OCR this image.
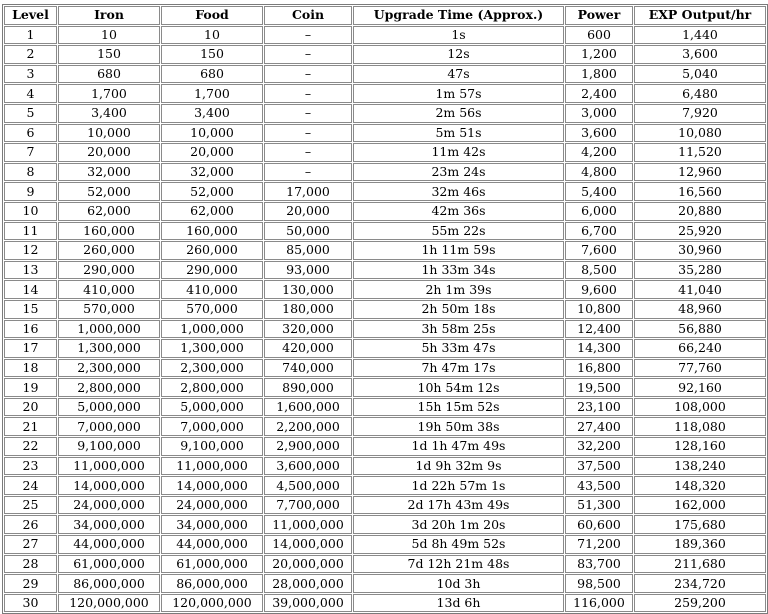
Level	Iron	Food	Coin	Upgrade Time (Approx.)	Power	EXP Output/hr
1	10	10	–	1s	600	1,440
2	150	150	–	12s	1,200	3,600
3	680	680	–	47s	1,800	5,040
4	1,700	1,700	–	1m 57s	2,400	6,480
5	3,400	3,400	–	2m 56s	3,000	7,920
6	10,000	10,000	–	5m 51s	3,600	10,080
7	20,000	20,000	–	11m 42s	4,200	11,520
8	32,000	32,000	–	23m 24s	4,800	12,960
9	52,000	52,000	17,000	32m 46s	5,400	16,560
10	62,000	62,000	20,000	42m 36s	6,000	20,880
11	160,000	160,000	50,000	55m 22s	6,700	25,920
12	260,000	260,000	85,000	1h 11m 59s	7,600	30,960
13	290,000	290,000	93,000	1h 33m 34s	8,500	35,280
14	410,000	410,000	130,000	2h 1m 39s	9,600	41,040
15	570,000	570,000	180,000	2h 50m 18s	10,800	48,960
16	1,000,000	1,000,000	320,000	3h 58m 25s	12,400	56,880
17	1,300,000	1,300,000	420,000	5h 33m 47s	14,300	66,240
18	2,300,000	2,300,000	740,000	7h 47m 17s	16,800	77,760
19	2,800,000	2,800,000	890,000	10h 54m 12s	19,500	92,160
20	5,000,000	5,000,000	1,600,000	15h 15m 52s	23,100	108,000
21	7,000,000	7,000,000	2,200,000	19h 50m 38s	27,400	118,080
22	9,100,000	9,100,000	2,900,000	1d 1h 47m 49s	32,200	128,160
23	11,000,000	11,000,000	3,600,000	1d 9h 32m 9s	37,500	138,240
24	14,000,000	14,000,000	4,500,000	1d 22h 57m 1s	43,500	148,320
25	24,000,000	24,000,000	7,700,000	2d 17h 43m 49s	51,300	162,000
26	34,000,000	34,000,000	11,000,000	3d 20h 1m 20s	60,600	175,680
27	44,000,000	44,000,000	14,000,000	5d 8h 49m 52s	71,200	189,360
28	61,000,000	61,000,000	20,000,000	7d 12h 21m 48s	83,700	211,680
29	86,000,000	86,000,000	28,000,000	10d 3h	98,500	234,720
30	120,000,000	120,000,000	39,000,000	13d 6h	116,000	259,200
